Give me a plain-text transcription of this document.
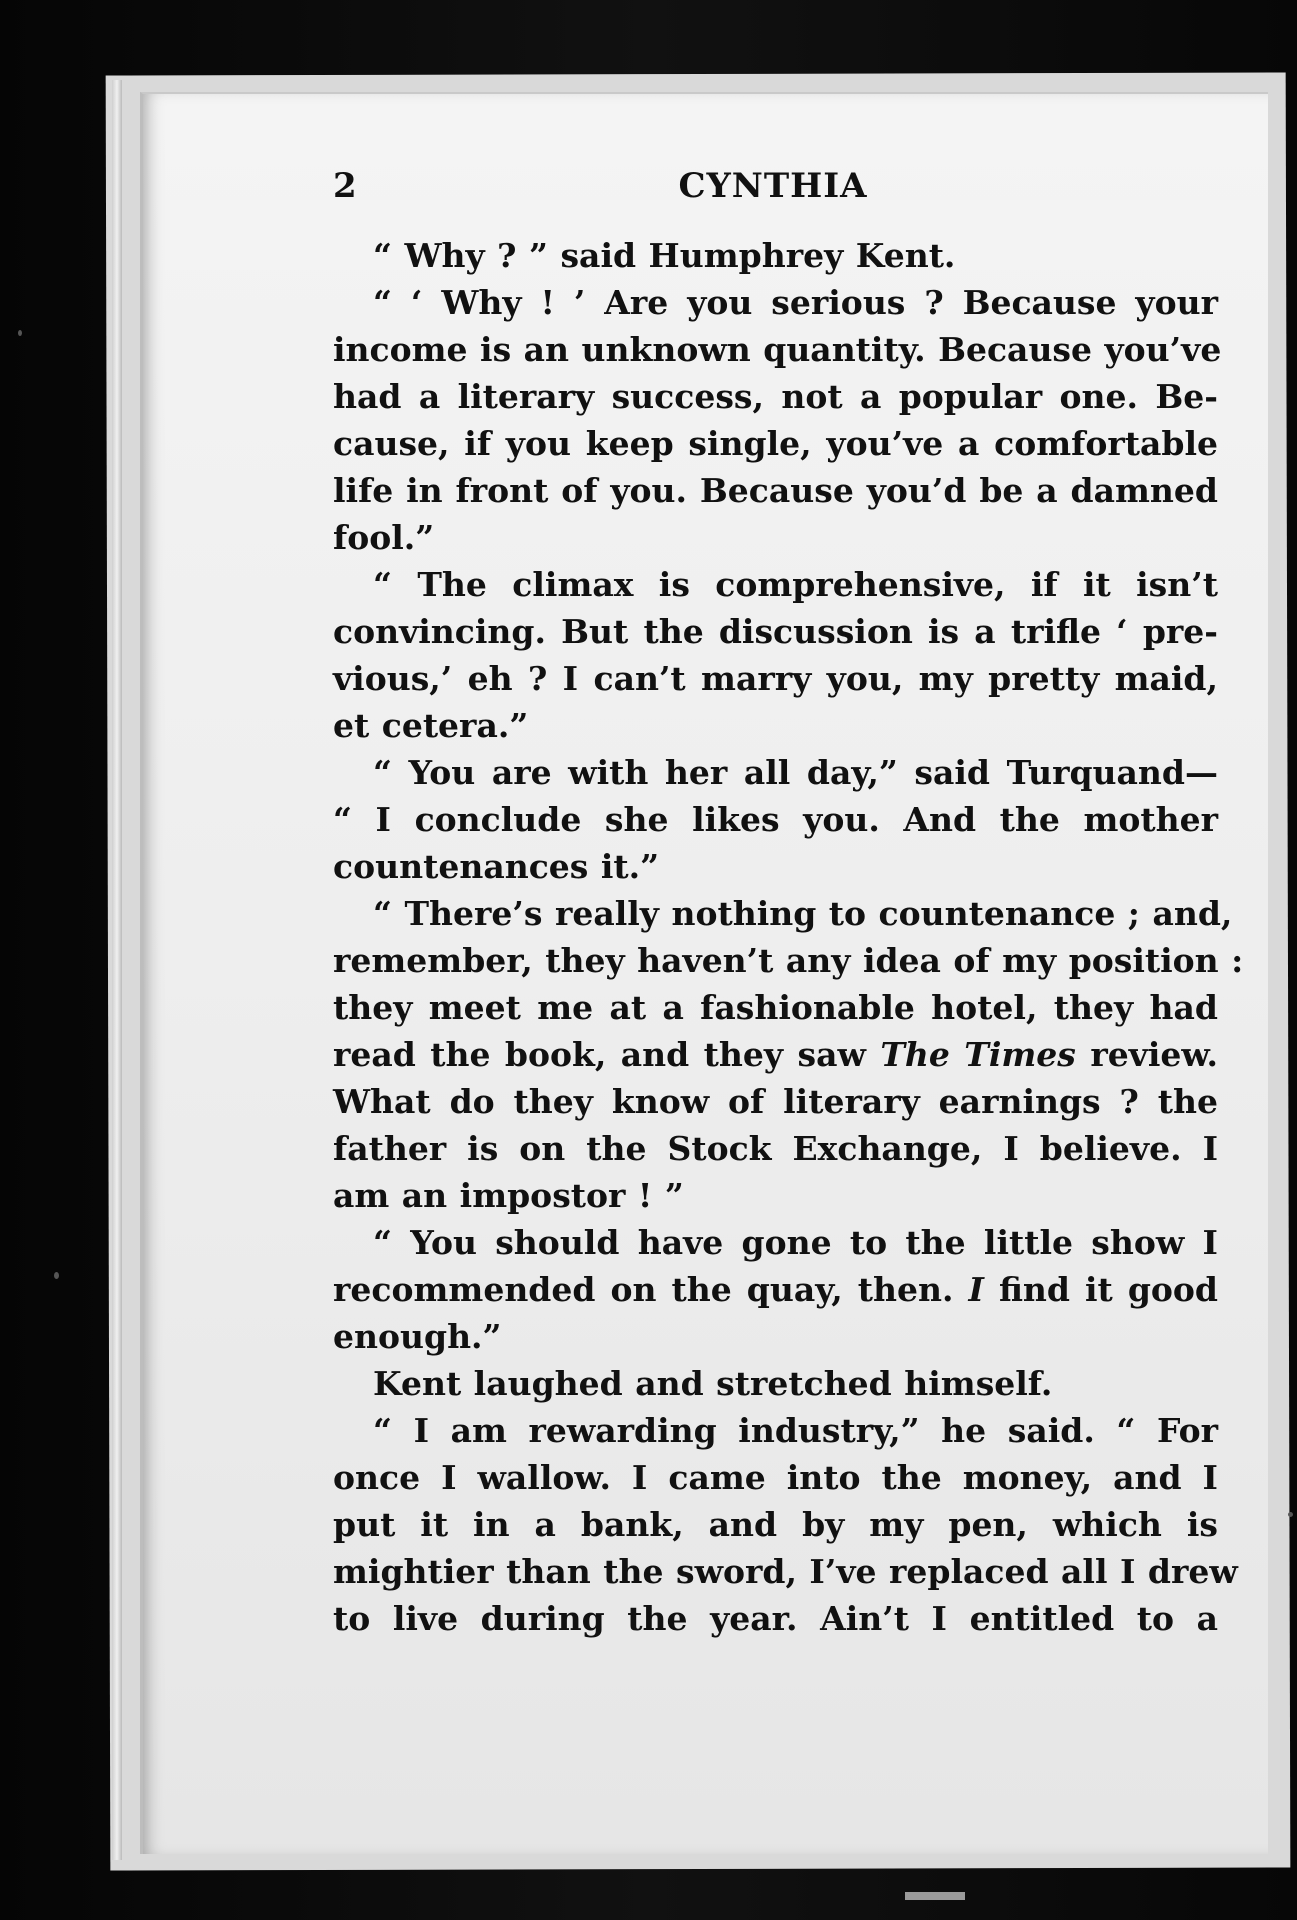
2	CYNTHIA
“ Why ? ” said Humphrey Kent.
“ ‘ Why ! ’ Are you serious ? Because your
income is an unknown quantity. Because you’ve
had a literary success, not a popular one. Be-
cause, if you keep single, you’ve a comfortable
life in front of you. Because you’d be a damned
fool.”
“ The climax is comprehensive, if it isn’t
convincing. But the discussion is a trifle ‘ pre-
vious,’ eh ? I can’t marry you, my pretty maid,
et cetera.”
“ You are with her all day,” said Turquand—
“ I conclude she likes you. And the mother
countenances it.”
“ There’s really nothing to countenance ; and,
remember, they haven’t any idea of my position :
they meet me at a fashionable hotel, they had
read the book, and they saw The Times review.
What do they know of literary earnings ? the
father is on the Stock Exchange, I believe. I
am an impostor ! ”
“ You should have gone to the little show I
recommended on the quay, then. I find it good
enough.”
Kent laughed and stretched himself.
“ I am rewarding industry,” he said. “ For
once I wallow. I came into the money, and I
put it in a bank, and by my pen, which is
mightier than the sword, I’ve replaced all I drew
to live during the year. Ain’t I entitled to a
